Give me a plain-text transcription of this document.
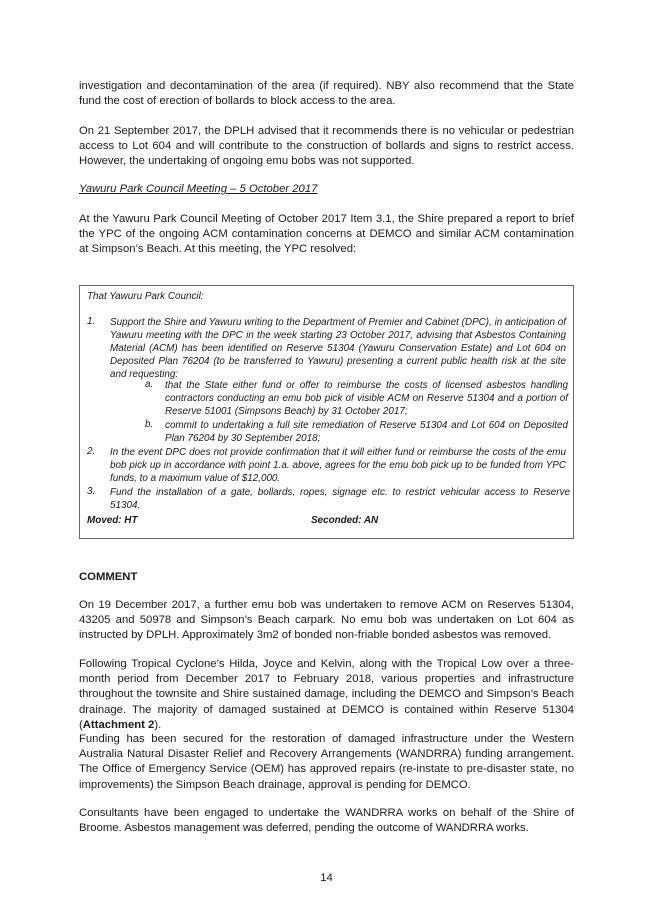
investigation and decontamination of the area (if required). NBY also recommend that the State fund the cost of erection of bollards to block access to the area.

On 21 September 2017, the DPLH advised that it recommends there is no vehicular or pedestrian access to Lot 604 and will contribute to the construction of bollards and signs to restrict access. However, the undertaking of ongoing emu bobs was not supported.

Yawuru Park Council Meeting – 5 October 2017

At the Yawuru Park Council Meeting of October 2017 Item 3.1, the Shire prepared a report to brief the YPC of the ongoing ACM contamination concerns at DEMCO and similar ACM contamination at Simpson’s Beach. At this meeting, the YPC resolved:

That Yawuru Park Council:

1. Support the Shire and Yawuru writing to the Department of Premier and Cabinet (DPC), in anticipation of Yawuru meeting with the DPC in the week starting 23 October 2017, advising that Asbestos Containing Material (ACM) has been identified on Reserve 51304 (Yawuru Conservation Estate) and Lot 604 on Deposited Plan 76204 (to be transferred to Yawuru) presenting a current public health risk at the site and requesting:

a. that the State either fund or offer to reimburse the costs of licensed asbestos handling contractors conducting an emu bob pick of visible ACM on Reserve 51304 and a portion of Reserve 51001 (Simpsons Beach) by 31 October 2017;

b. commit to undertaking a full site remediation of Reserve 51304 and Lot 604 on Deposited Plan 76204 by 30 September 2018;

2. In the event DPC does not provide confirmation that it will either fund or reimburse the costs of the emu bob pick up in accordance with point 1.a. above, agrees for the emu bob pick up to be funded from YPC funds, to a maximum value of $12,000.

3. Fund the installation of a gate, bollards, ropes, signage etc. to restrict vehicular access to Reserve 51304.

Moved: HT	Seconded: AN

COMMENT

On 19 December 2017, a further emu bob was undertaken to remove ACM on Reserves 51304, 43205 and 50978 and Simpson’s Beach carpark. No emu bob was undertaken on Lot 604 as instructed by DPLH. Approximately 3m2 of bonded non-friable bonded asbestos was removed.

Following Tropical Cyclone’s Hilda, Joyce and Kelvin, along with the Tropical Low over a three-month period from December 2017 to February 2018, various properties and infrastructure throughout the townsite and Shire sustained damage, including the DEMCO and Simpson’s Beach drainage. The majority of damaged sustained at DEMCO is contained within Reserve 51304 (Attachment 2).

Funding has been secured for the restoration of damaged infrastructure under the Western Australia Natural Disaster Relief and Recovery Arrangements (WANDRRA) funding arrangement. The Office of Emergency Service (OEM) has approved repairs (re-instate to pre-disaster state, no improvements) the Simpson Beach drainage, approval is pending for DEMCO.

Consultants have been engaged to undertake the WANDRRA works on behalf of the Shire of Broome. Asbestos management was deferred, pending the outcome of WANDRRA works.

14
